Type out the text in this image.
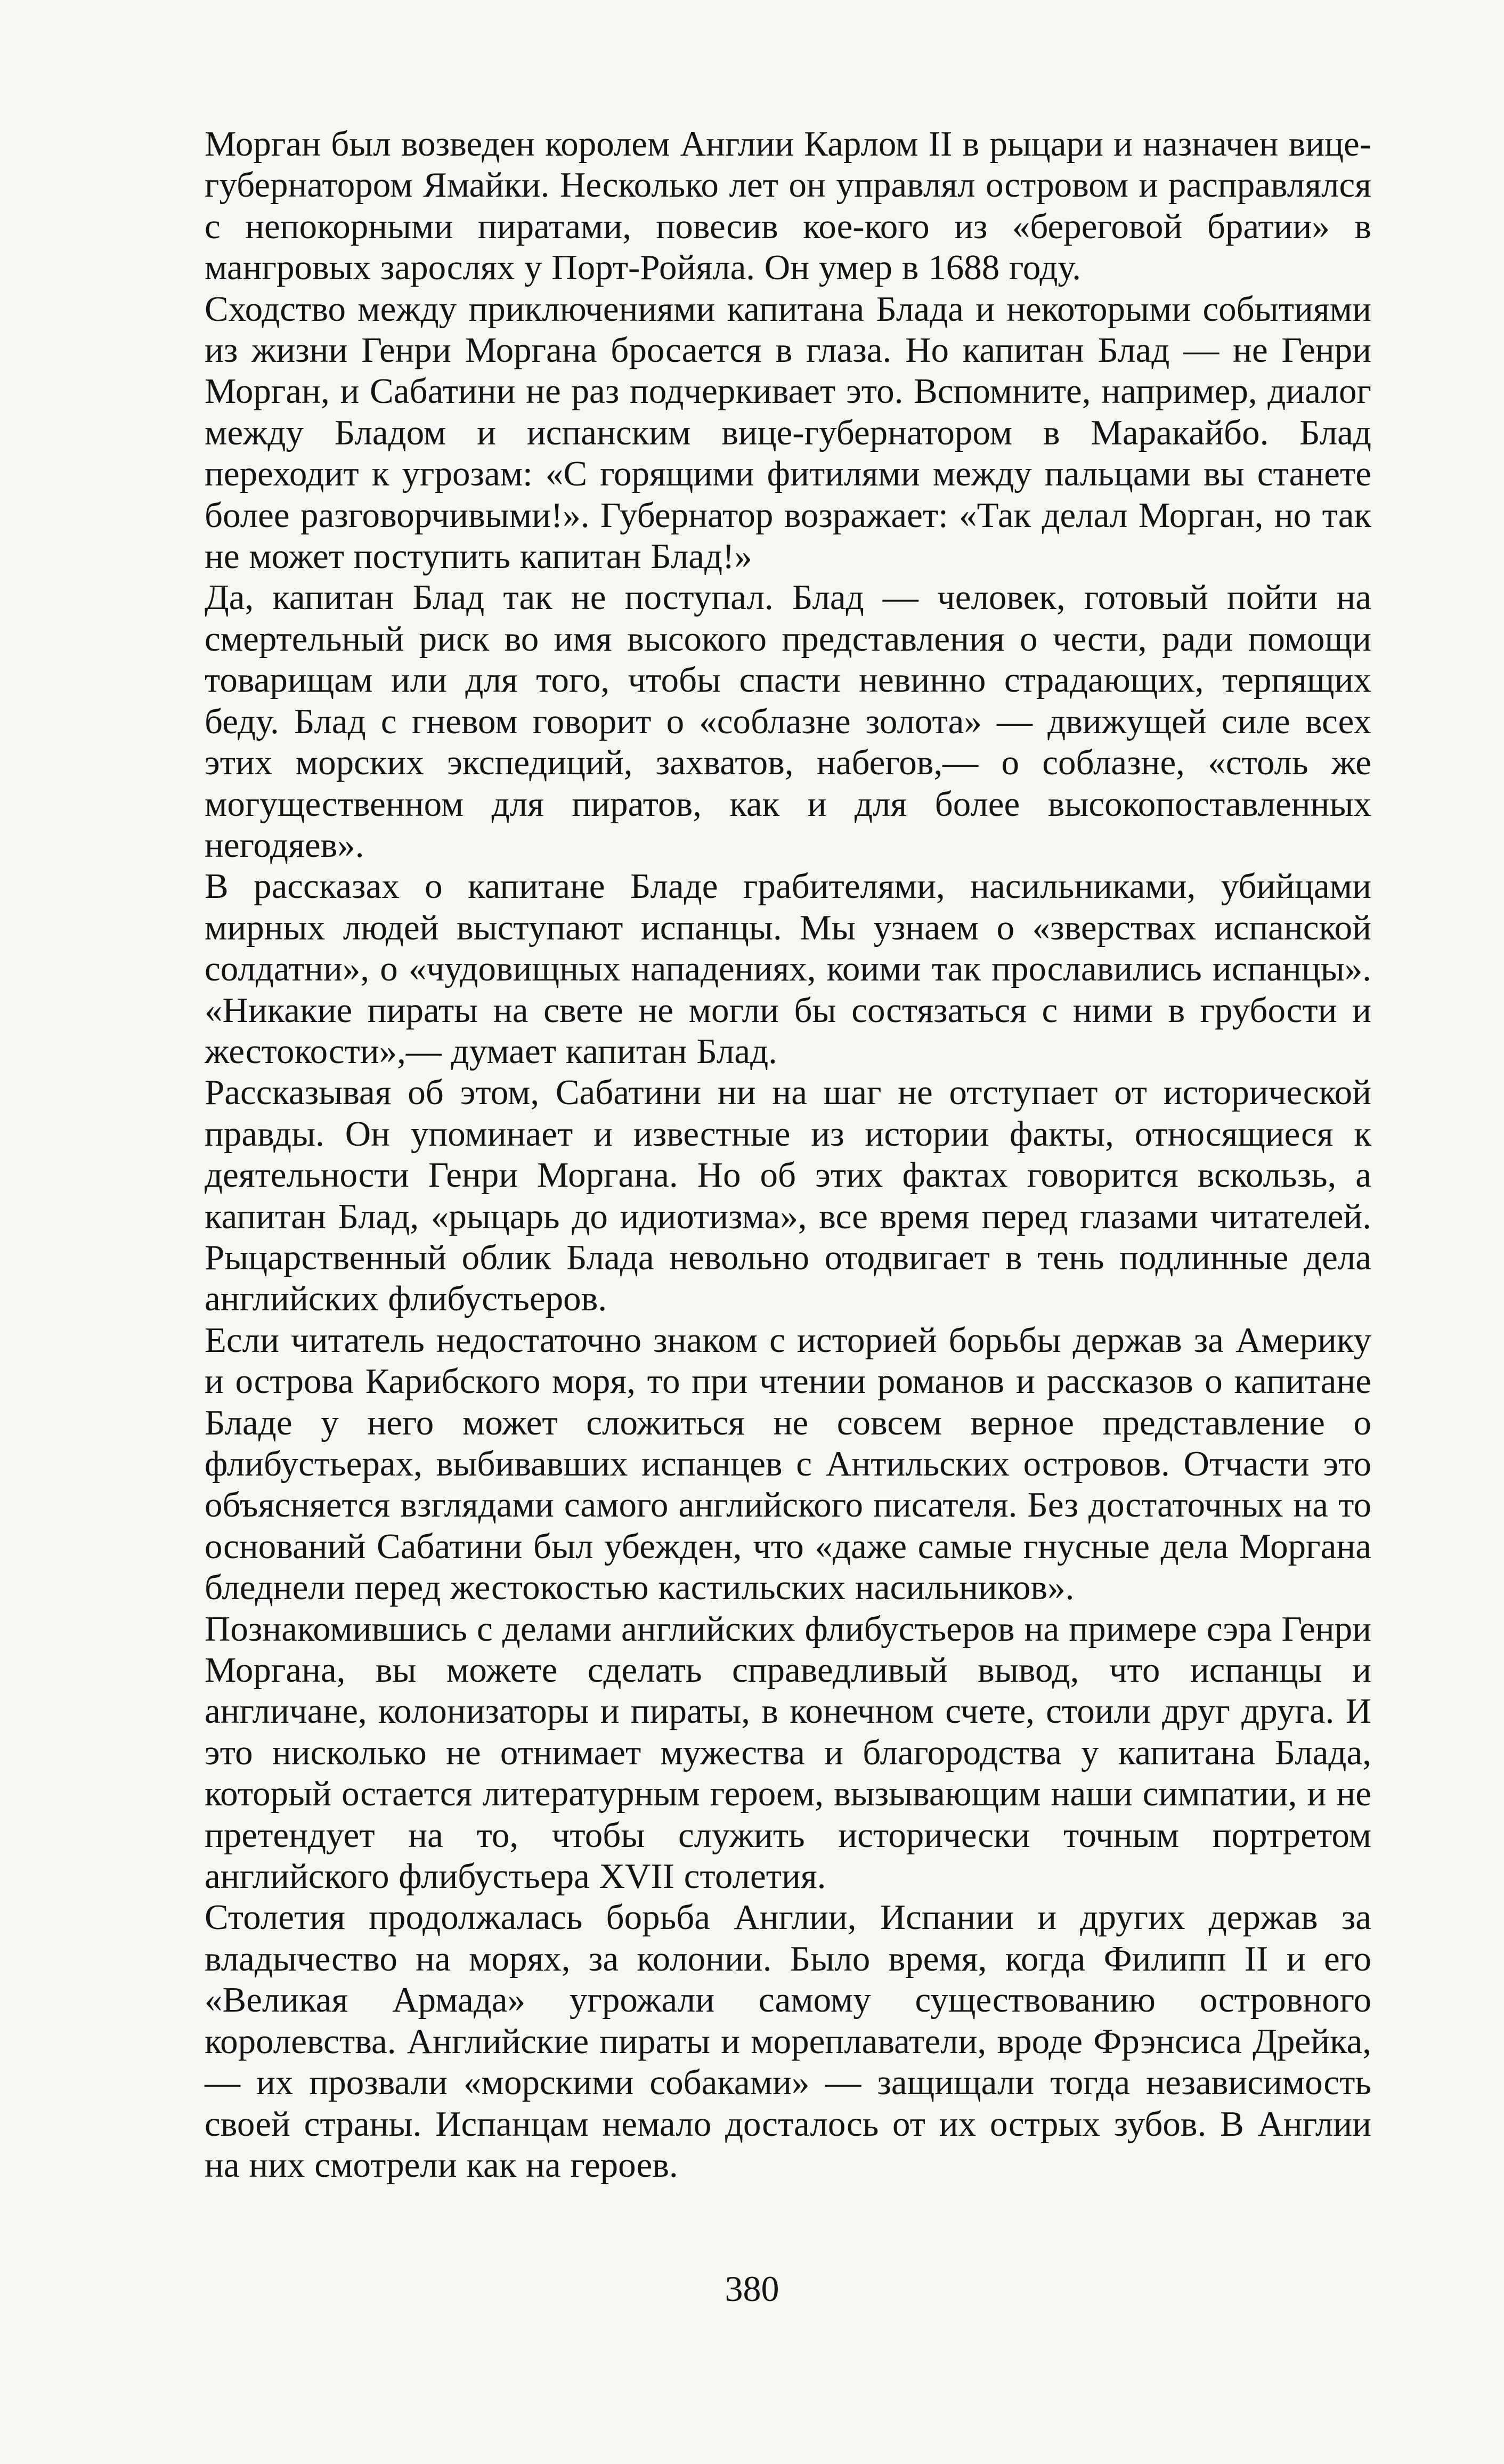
Морган был возведен королем Англии Карлом II в рыцари и назначен вице-губернатором Ямайки. Несколько лет он управлял островом и расправлялся с непокорными пиратами, повесив кое-кого из «береговой братии» в мангровых зарослях у Порт-Ройяла. Он умер в 1688 году.

Сходство между приключениями капитана Блада и некоторыми событиями из жизни Генри Моргана бросается в глаза. Но капитан Блад — не Генри Морган, и Сабатини не раз подчеркивает это. Вспомните, например, диалог между Бладом и испанским вице-губернатором в Маракайбо. Блад переходит к угрозам: «С горящими фитилями между пальцами вы станете более разговорчивыми!». Губернатор возражает: «Так делал Морган, но так не может поступить капитан Блад!»

Да, капитан Блад так не поступал. Блад — человек, готовый пойти на смертельный риск во имя высокого представления о чести, ради помощи товарищам или для того, чтобы спасти невинно страдающих, терпящих беду. Блад с гневом говорит о «соблазне золота» — движущей силе всех этих морских экспедиций, захватов, набегов,— о соблазне, «столь же могущественном для пиратов, как и для более высокопоставленных негодяев».

В рассказах о капитане Бладе грабителями, насильниками, убийцами мирных людей выступают испанцы. Мы узнаем о «зверствах испанской солдатни», о «чудовищных нападениях, коими так прославились испанцы». «Никакие пираты на свете не могли бы состязаться с ними в грубости и жестокости»,— думает капитан Блад.

Рассказывая об этом, Сабатини ни на шаг не отступает от исторической правды. Он упоминает и известные из истории факты, относящиеся к деятельности Генри Моргана. Но об этих фактах говорится вскользь, а капитан Блад, «рыцарь до идиотизма», все время перед глазами читателей. Рыцарственный облик Блада невольно отодвигает в тень подлинные дела английских флибустьеров.

Если читатель недостаточно знаком с историей борьбы держав за Америку и острова Карибского моря, то при чтении романов и рассказов о капитане Бладе у него может сложиться не совсем верное представление о флибустьерах, выбивавших испанцев с Антильских островов. Отчасти это объясняется взглядами самого английского писателя. Без достаточных на то оснований Сабатини был убежден, что «даже самые гнусные дела Моргана бледнели перед жестокостью кастильских насильников».

Познакомившись с делами английских флибустьеров на примере сэра Генри Моргана, вы можете сделать справедливый вывод, что испанцы и англичане, колонизаторы и пираты, в конечном счете, стоили друг друга. И это нисколько не отнимает мужества и благородства у капитана Блада, который остается литературным героем, вызывающим наши симпатии, и не претендует на то, чтобы служить исторически точным портретом английского флибустьера XVII столетия.

Столетия продолжалась борьба Англии, Испании и других держав за владычество на морях, за колонии. Было время, когда Филипп II и его «Великая Армада» угрожали самому существованию островного королевства. Английские пираты и мореплаватели, вроде Фрэнсиса Дрейка,— их прозвали «морскими собаками» — защищали тогда независимость своей страны. Испанцам немало досталось от их острых зубов. В Англии на них смотрели как на героев.

380
